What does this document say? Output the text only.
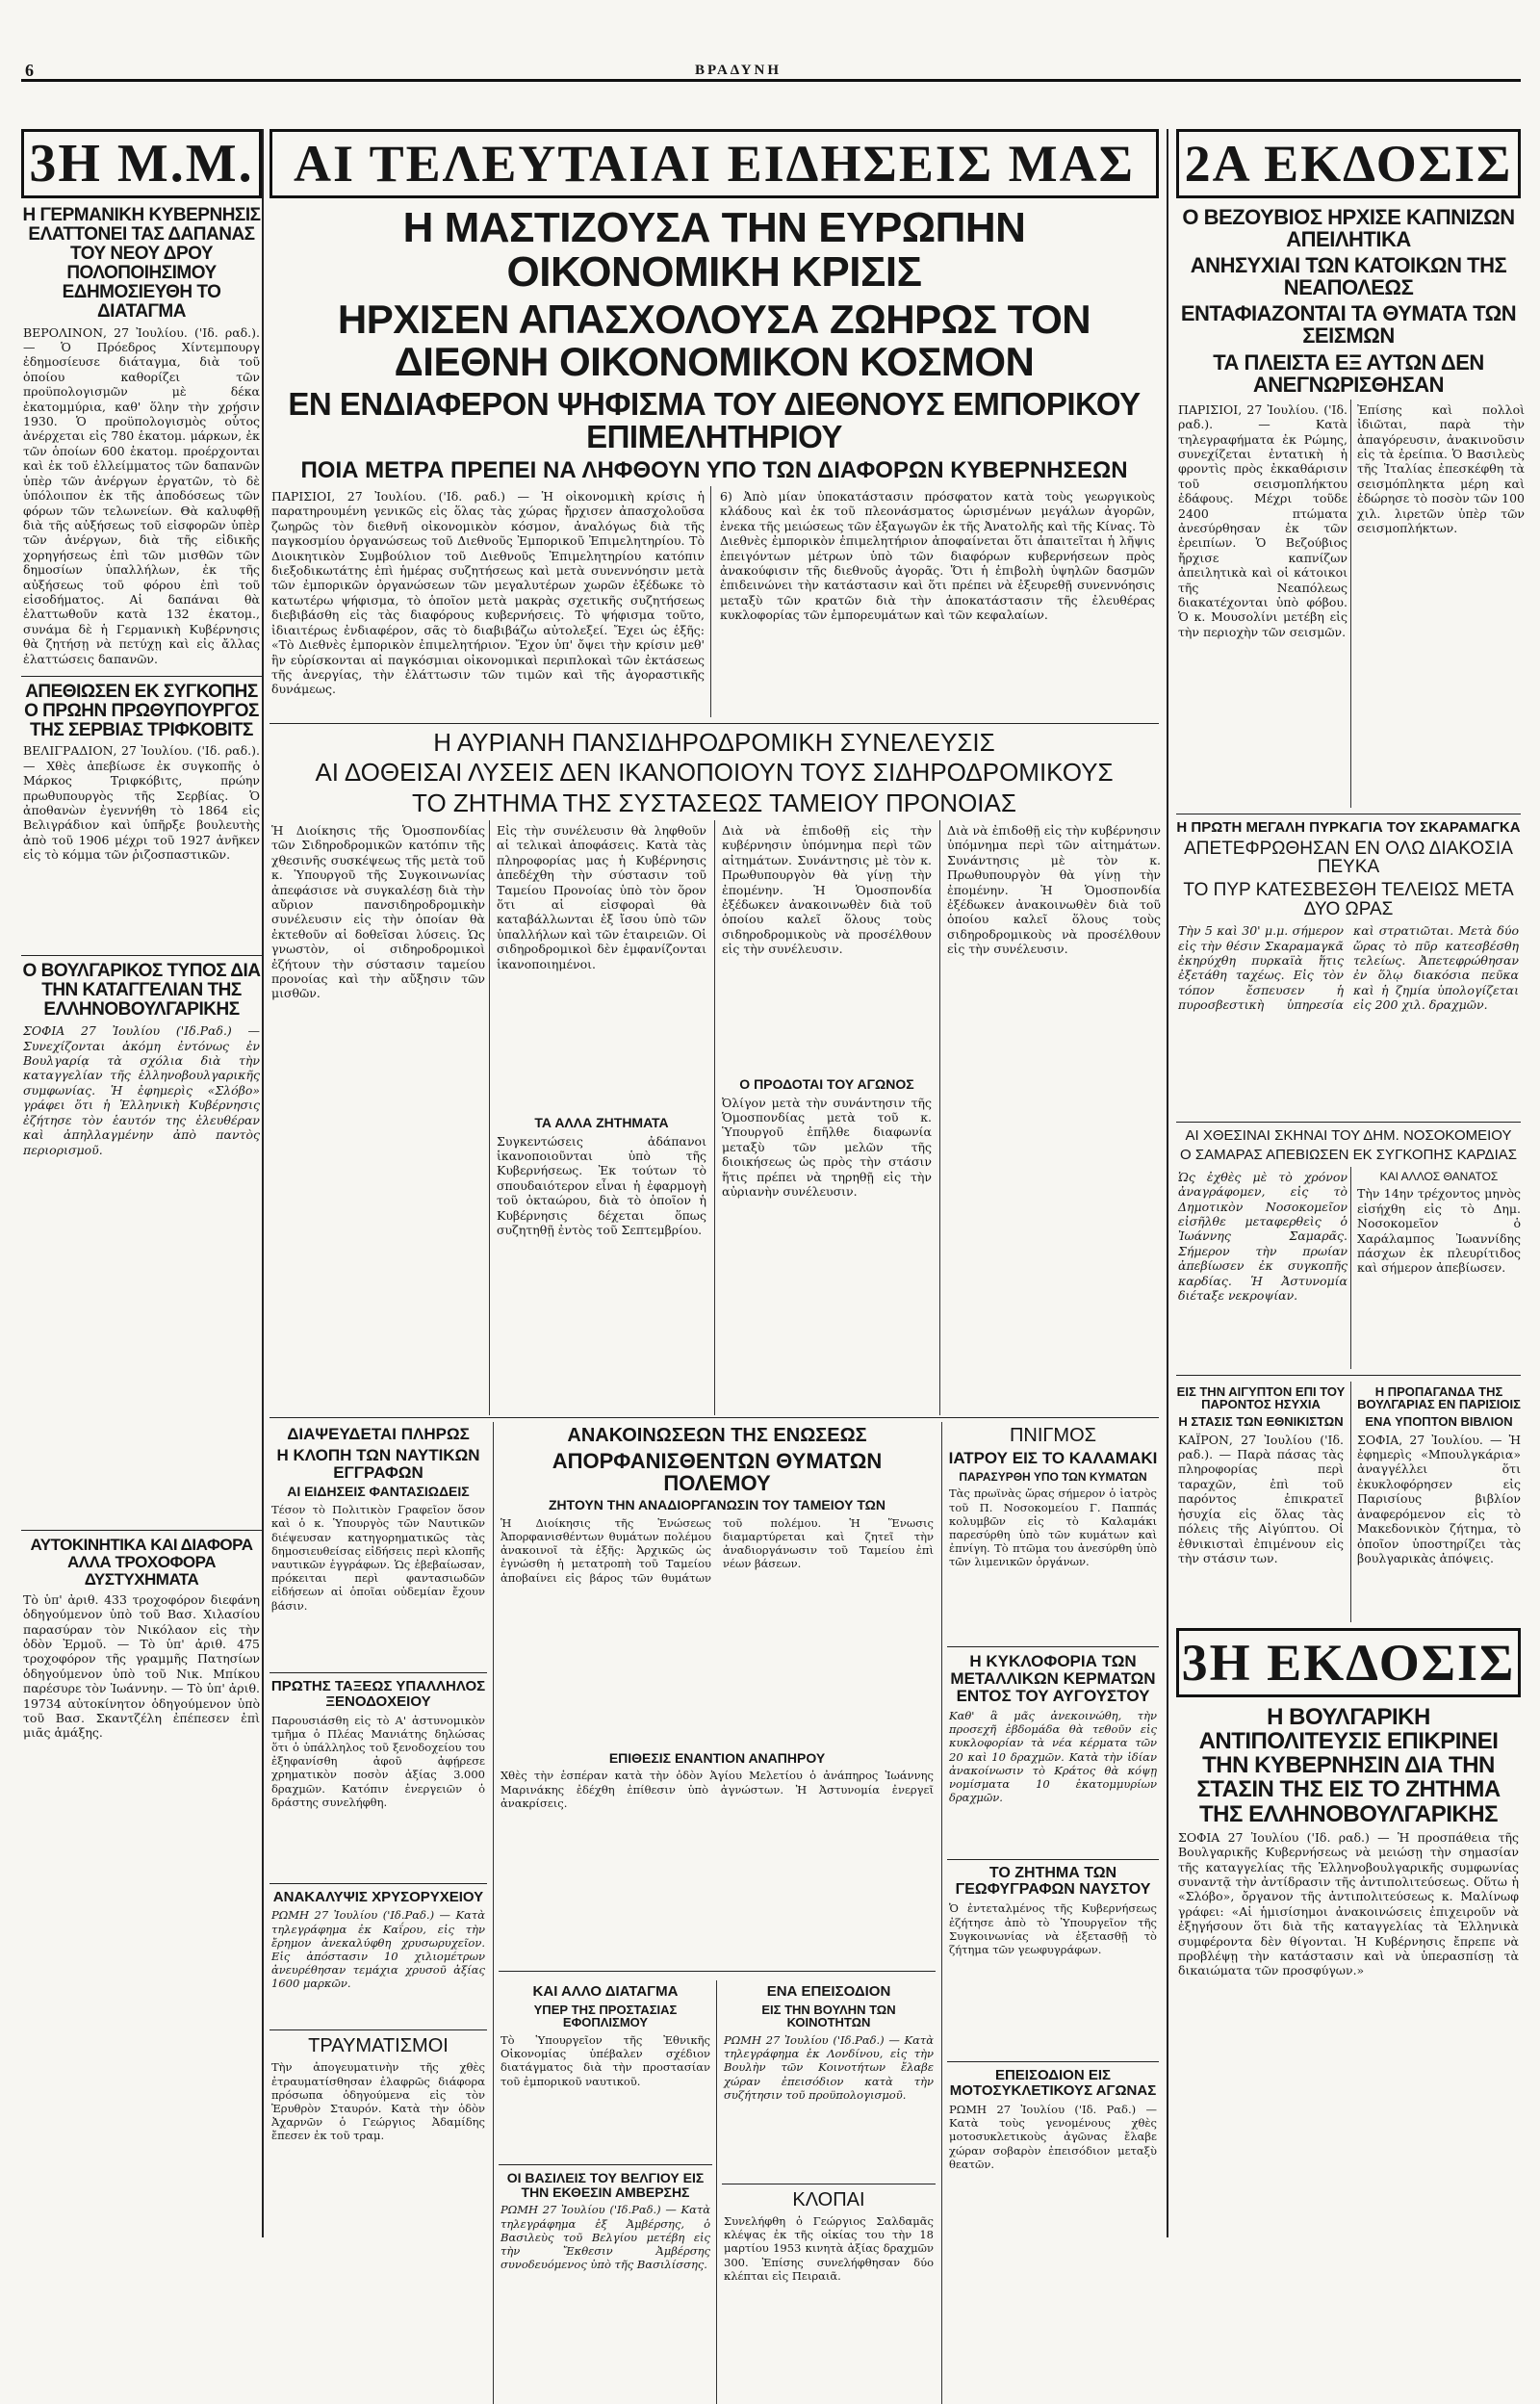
6	ΒΡΑΔΥΝΗ
3Η Μ.Μ.
Η ΓΕΡΜΑΝΙΚΗ ΚΥΒΕΡΝΗΣΙΣ ΕΛΑΤΤΟΝΕΙ ΤΑΣ ΔΑΠΑΝΑΣ ΤΟΥ ΝΕΟΥ ΔΡΟΥ ΠΟΛΟΠΟΙΗΣΙΜΟΥ ΕΔΗΜΟΣΙΕΥΘΗ ΤΟ ΔΙΑΤΑΓΜΑ
ΒΕΡΟΛΙΝΟΝ, 27 Ἰουλίου. ('Ιδ. ραδ.). — Ὁ Πρόεδρος Χίντεμπουργ ἐδημοσίευσε διάταγμα, διὰ τοῦ ὁποίου καθορίζει τῶν προϋπολογισμῶν μὲ δέκα ἐκατομμύρια, καθ' ὅλην τὴν χρήσιν 1930. Ὁ προϋπολογισμὸς οὗτος ἀνέρχεται εἰς 780 ἑκατομ. μάρκων, ἐκ τῶν ὁποίων 600 ἑκατομ. προέρχονται καὶ ἐκ τοῦ ἐλλείμματος τῶν δαπανῶν ὑπὲρ τῶν ἀνέργων ἐργατῶν, τὸ δὲ ὑπόλοιπον ἐκ τῆς ἀποδόσεως τῶν φόρων τῶν τελωνείων. Θὰ καλυφθῇ διὰ τῆς αὐξήσεως τοῦ εἰσφορῶν ὑπὲρ τῶν ἀνέργων, διὰ τῆς εἰδικῆς χορηγήσεως ἐπὶ τῶν μισθῶν τῶν δημοσίων ὑπαλλήλων, ἐκ τῆς αὐξήσεως τοῦ φόρου ἐπὶ τοῦ εἰσοδήματος. Αἱ δαπάναι θὰ ἐλαττωθοῦν κατὰ 132 ἑκατομ., συνάμα δὲ ἡ Γερμανικὴ Κυβέρνησις θὰ ζητήσῃ νὰ πετύχῃ καὶ εἰς ἄλλας ἐλαττώσεις δαπανῶν.
ΑΠΕΘΙΩΣΕΝ ΕΚ ΣΥΓΚΟΠΗΣ Ο ΠΡΩΗΝ ΠΡΩΘΥΠΟΥΡΓΟΣ ΤΗΣ ΣΕΡΒΙΑΣ ΤΡΙΦΚΟΒΙΤΣ
ΒΕΛΙΓΡΑΔΙΟΝ, 27 Ἰουλίου. ('Ιδ. ραδ.). — Χθὲς ἀπεβίωσε ἐκ συγκοπῆς ὁ Μάρκος Τριφκόβιτς, πρώην πρωθυπουργὸς τῆς Σερβίας. Ὁ ἀποθανὼν ἐγεννήθη τὸ 1864 εἰς Βελιγράδιον καὶ ὑπῆρξε βουλευτὴς ἀπὸ τοῦ 1906 μέχρι τοῦ 1927 ἀνῆκεν εἰς τὸ κόμμα τῶν ῥιζοσπαστικῶν.
Ο ΒΟΥΛΓΑΡΙΚΟΣ ΤΥΠΟΣ ΔΙΑ ΤΗΝ ΚΑΤΑΓΓΕΛΙΑΝ ΤΗΣ ΕΛΛΗΝΟΒΟΥΛΓΑΡΙΚΗΣ
ΣΟΦΙΑ 27 Ἰουλίου ('Ιδ.Ραδ.) — Συνεχίζονται ἀκόμη ἐντόνως ἐν Βουλγαρίᾳ τὰ σχόλια διὰ τὴν καταγγελίαν τῆς ἑλληνοβουλγαρικῆς συμφωνίας. Ἡ ἐφημερὶς «Σλόβο» γράφει ὅτι ἡ Ἑλληνικὴ Κυβέρνησις ἐζήτησε τὸν ἑαυτόν της ἐλευθέραν καὶ ἀπηλλαγμένην ἀπὸ παντὸς περιορισμοῦ.
ΑΥΤΟΚΙΝΗΤΙΚΑ ΚΑΙ ΔΙΑΦΟΡΑ ΑΛΛΑ ΤΡΟΧΟΦΟΡΑ ΔΥΣΤΥΧΗΜΑΤΑ
Τὸ ὑπ' ἀριθ. 433 τροχοφόρον διεφάνη ὁδηγούμενον ὑπὸ τοῦ Βασ. Χιλασίου παρασύραν τὸν Νικόλαον εἰς τὴν ὁδὸν Ἐρμοῦ. — Τὸ ὑπ' ἀριθ. 475 τροχοφόρον τῆς γραμμῆς Πατησίων ὁδηγούμενον ὑπὸ τοῦ Νικ. Μπίκου παρέσυρε τὸν Ἰωάννην. — Τὸ ὑπ' ἀριθ. 19734 αὐτοκίνητον ὁδηγούμενον ὑπὸ τοῦ Βασ. Σκαντζέλη ἐπέπεσεν ἐπὶ μιᾶς ἁμάξης.
ΑΙ ΤΕΛΕΥΤΑΙΑΙ ΕΙΔΗΣΕΙΣ ΜΑΣ
Η ΜΑΣΤΙΖΟΥΣΑ ΤΗΝ ΕΥΡΩΠΗΝ ΟΙΚΟΝΟΜΙΚΗ ΚΡΙΣΙΣ
ΗΡΧΙΣΕΝ ΑΠΑΣΧΟΛΟΥΣΑ ΖΩΗΡΩΣ ΤΟΝ ΔΙΕΘΝΗ ΟΙΚΟΝΟΜΙΚΟΝ ΚΟΣΜΟΝ
ΕΝ ΕΝΔΙΑΦΕΡΟΝ ΨΗΦΙΣΜΑ ΤΟΥ ΔΙΕΘΝΟΥΣ ΕΜΠΟΡΙΚΟΥ ΕΠΙΜΕΛΗΤΗΡΙΟΥ
ΠΟΙΑ ΜΕΤΡΑ ΠΡΕΠΕΙ ΝΑ ΛΗΦΘΟΥΝ ΥΠΟ ΤΩΝ ΔΙΑΦΟΡΩΝ ΚΥΒΕΡΝΗΣΕΩΝ
ΠΑΡΙΣΙΟΙ, 27 Ἰουλίου. ('Ιδ. ραδ.) — Ἡ οἰκονομικὴ κρίσις ἡ παρατηρουμένη γενικῶς εἰς ὅλας τὰς χώρας ἤρχισεν ἀπασχολοῦσα ζωηρῶς τὸν διεθνῆ οἰκονομικὸν κόσμον, ἀναλόγως διὰ τῆς παγκοσμίου ὀργανώσεως τοῦ Διεθνοῦς Ἐμπορικοῦ Ἐπιμελητηρίου. Τὸ Διοικητικὸν Συμβούλιον τοῦ Διεθνοῦς Ἐπιμελητηρίου κατόπιν διεξοδικωτάτης ἐπὶ ἡμέρας συζητήσεως καὶ μετὰ συνεννόησιν μετὰ τῶν ἐμπορικῶν ὀργανώσεων τῶν μεγαλυτέρων χωρῶν ἐξέδωκε τὸ κατωτέρω ψήφισμα, τὸ ὁποῖον μετὰ μακρὰς σχετικῆς συζητήσεως διεβιβάσθη εἰς τὰς διαφόρους κυβερνήσεις. Τὸ ψήφισμα τοῦτο, ἰδιαιτέρως ἐνδιαφέρον, σᾶς τὸ διαβιβάζω αὐτολεξεί. Ἔχει ὡς ἑξῆς: «Τὸ Διεθνὲς ἐμπορικὸν ἐπιμελητήριον. Ἔχον ὑπ' ὄψει τὴν κρίσιν μεθ' ἣν εὑρίσκονται αἱ παγκόσμιαι οἰκονομικαὶ περιπλοκαὶ τῶν ἐκτάσεως τῆς ἀνεργίας, τὴν ἐλάττωσιν τῶν τιμῶν καὶ τῆς ἀγοραστικῆς δυνάμεως.
6) Ἀπὸ μίαν ὑποκατάστασιν πρόσφατον κατὰ τοὺς γεωργικοὺς κλάδους καὶ ἐκ τοῦ πλεονάσματος ὡρισμένων μεγάλων ἀγορῶν, ἐνεκα τῆς μειώσεως τῶν ἐξαγωγῶν ἐκ τῆς Ἀνατολῆς καὶ τῆς Κίνας. Τὸ Διεθνὲς ἐμπορικὸν ἐπιμελητήριον ἀποφαίνεται ὅτι ἀπαιτεῖται ἡ λῆψις ἐπειγόντων μέτρων ὑπὸ τῶν διαφόρων κυβερνήσεων πρὸς ἀνακούφισιν τῆς διεθνοῦς ἀγορᾶς. Ὅτι ἡ ἐπιβολὴ ὑψηλῶν δασμῶν ἐπιδεινώνει τὴν κατάστασιν καὶ ὅτι πρέπει νὰ ἐξευρεθῇ συνεννόησις μεταξὺ τῶν κρατῶν διὰ τὴν ἀποκατάστασιν τῆς ἐλευθέρας κυκλοφορίας τῶν ἐμπορευμάτων καὶ τῶν κεφαλαίων.
Η ΑΥΡΙΑΝΗ ΠΑΝΣΙΔΗΡΟΔΡΟΜΙΚΗ ΣΥΝΕΛΕΥΣΙΣ
ΑΙ ΔΟΘΕΙΣΑΙ ΛΥΣΕΙΣ ΔΕΝ ΙΚΑΝΟΠΟΙΟΥΝ ΤΟΥΣ ΣΙΔΗΡΟΔΡΟΜΙΚΟΥΣ
ΤΟ ΖΗΤΗΜΑ ΤΗΣ ΣΥΣΤΑΣΕΩΣ ΤΑΜΕΙΟΥ ΠΡΟΝΟΙΑΣ
Ἡ Διοίκησις τῆς Ὁμοσπονδίας τῶν Σιδηροδρομικῶν κατόπιν τῆς χθεσινῆς συσκέψεως τῆς μετὰ τοῦ κ. Ὑπουργοῦ τῆς Συγκοινωνίας ἀπεφάσισε νὰ συγκαλέσῃ διὰ τὴν αὔριον πανσιδηροδρομικὴν συνέλευσιν εἰς τὴν ὁποίαν θὰ ἐκτεθοῦν αἱ δοθεῖσαι λύσεις. Ὡς γνωστὸν, οἱ σιδηροδρομικοὶ ἐζήτουν τὴν σύστασιν ταμείου προνοίας καὶ τὴν αὔξησιν τῶν μισθῶν.
Εἰς τὴν συνέλευσιν θὰ ληφθοῦν αἱ τελικαὶ ἀποφάσεις. Κατὰ τὰς πληροφορίας μας ἡ Κυβέρνησις ἀπεδέχθη τὴν σύστασιν τοῦ Ταμείου Προνοίας ὑπὸ τὸν ὅρον ὅτι αἱ εἰσφοραὶ θὰ καταβάλλωνται ἐξ ἴσου ὑπὸ τῶν ὑπαλλήλων καὶ τῶν ἑταιρειῶν. Οἱ σιδηροδρομικοὶ δὲν ἐμφανίζονται ἱκανοποιημένοι.
ΤΑ ΑΛΛΑ ΖΗΤΗΜΑΤΑ
Συγκεντώσεις ἀδάπανοι ἱκανοποιοῦνται ὑπὸ τῆς Κυβερνήσεως. Ἐκ τούτων τὸ σπουδαιότερον εἶναι ἡ ἐφαρμογὴ τοῦ ὀκταώρου, διὰ τὸ ὁποῖον ἡ Κυβέρνησις δέχεται ὅπως συζητηθῇ ἐντὸς τοῦ Σεπτεμβρίου.
Διὰ νὰ ἐπιδοθῇ εἰς τὴν κυβέρνησιν ὑπόμνημα περὶ τῶν αἰτημάτων. Συνάντησις μὲ τὸν κ. Πρωθυπουργὸν θὰ γίνῃ τὴν ἐπομένην. Ἡ Ὁμοσπονδία ἐξέδωκεν ἀνακοινωθὲν διὰ τοῦ ὁποίου καλεῖ ὅλους τοὺς σιδηροδρομικοὺς νὰ προσέλθουν εἰς τὴν συνέλευσιν.
Ο ΠΡΟΔΟΤΑΙ ΤΟΥ ΑΓΩΝΟΣ
Ὀλίγον μετὰ τὴν συνάντησιν τῆς Ὁμοσπονδίας μετὰ τοῦ κ. Ὑπουργοῦ ἐπῆλθε διαφωνία μεταξὺ τῶν μελῶν τῆς διοικήσεως ὡς πρὸς τὴν στάσιν ἥτις πρέπει νὰ τηρηθῇ εἰς τὴν αὐριανὴν συνέλευσιν.
Διὰ νὰ ἐπιδοθῇ εἰς τὴν κυβέρνησιν ὑπόμνημα περὶ τῶν αἰτημάτων. Συνάντησις μὲ τὸν κ. Πρωθυπουργὸν θὰ γίνῃ τὴν ἐπομένην. Ἡ Ὁμοσπονδία ἐξέδωκεν ἀνακοινωθὲν διὰ τοῦ ὁποίου καλεῖ ὅλους τοὺς σιδηροδρομικοὺς νὰ προσέλθουν εἰς τὴν συνέλευσιν.
ΔΙΑΨΕΥΔΕΤΑΙ ΠΛΗΡΩΣ
Η ΚΛΟΠΗ ΤΩΝ ΝΑΥΤΙΚΩΝ ΕΓΓΡΑΦΩΝ
ΑΙ ΕΙΔΗΣΕΙΣ ΦΑΝΤΑΣΙΩΔΕΙΣ
Τέσον τὸ Πολιτικὸν Γραφεῖον ὅσον καὶ ὁ κ. Ὑπουργὸς τῶν Ναυτικῶν διέψευσαν κατηγορηματικῶς τὰς δημοσιευθείσας εἰδήσεις περὶ κλοπῆς ναυτικῶν ἐγγράφων. Ὡς ἐβεβαίωσαν, πρόκειται περὶ φαντασιωδῶν εἰδήσεων αἱ ὁποῖαι οὐδεμίαν ἔχουν βάσιν.
ΠΡΩΤΗΣ ΤΑΞΕΩΣ ΥΠΑΛΛΗΛΟΣ ΞΕΝΟΔΟΧΕΙΟΥ
Παρουσιάσθη εἰς τὸ Α' ἀστυνομικὸν τμῆμα ὁ Πλέας Μανιάτης δηλώσας ὅτι ὁ ὑπάλληλος τοῦ ξενοδοχείου του ἐξηφανίσθη ἀφοῦ ἀφῄρεσε χρηματικὸν ποσὸν ἀξίας 3.000 δραχμῶν. Κατόπιν ἐνεργειῶν ὁ δράστης συνελήφθη.
ΑΝΑΚΑΛΥΨΙΣ ΧΡΥΣΟΡΥΧΕΙΟΥ
ΡΩΜΗ 27 Ἰουλίου ('Ιδ.Ραδ.) — Κατὰ τηλεγράφημα ἐκ Καΐρου, εἰς τὴν ἔρημον ἀνεκαλύφθη χρυσωρυχεῖον. Εἰς ἀπόστασιν 10 χιλιομέτρων ἀνευρέθησαν τεμάχια χρυσοῦ ἀξίας 1600 μαρκῶν.
ΤΡΑΥΜΑΤΙΣΜΟΙ
Τὴν ἀπογευματινὴν τῆς χθὲς ἐτραυματίσθησαν ἐλαφρῶς διάφορα πρόσωπα ὁδηγούμενα εἰς τὸν Ἐρυθρὸν Σταυρόν. Κατὰ τὴν ὁδὸν Ἀχαρνῶν ὁ Γεώργιος Ἀδαμίδης ἔπεσεν ἐκ τοῦ τραμ.
ΑΝΑΚΟΙΝΩΣΕΩΝ ΤΗΣ ΕΝΩΣΕΩΣ
ΑΠΟΡΦΑΝΙΣΘΕΝΤΩΝ ΘΥΜΑΤΩΝ ΠΟΛΕΜΟΥ
ΖΗΤΟΥΝ ΤΗΝ ΑΝΑΔΙΟΡΓΑΝΩΣΙΝ ΤΟΥ ΤΑΜΕΙΟΥ ΤΩΝ
Ἡ Διοίκησις τῆς Ἑνώσεως Ἀπορφανισθέντων θυμάτων πολέμου ἀνακοινοῖ τὰ ἑξῆς: Ἀρχικῶς ὡς ἐγνώσθη ἡ μετατροπὴ τοῦ Ταμείου ἀποβαίνει εἰς βάρος τῶν θυμάτων τοῦ πολέμου. Ἡ Ἕνωσις διαμαρτύρεται καὶ ζητεῖ τὴν ἀναδιοργάνωσιν τοῦ Ταμείου ἐπὶ νέων βάσεων.
ΕΠΙΘΕΣΙΣ ΕΝΑΝΤΙΟΝ ΑΝΑΠΗΡΟΥ
Χθὲς τὴν ἑσπέραν κατὰ τὴν ὁδὸν Ἀγίου Μελετίου ὁ ἀνάπηρος Ἰωάννης Μαρινάκης ἐδέχθη ἐπίθεσιν ὑπὸ ἀγνώστων. Ἡ Ἀστυνομία ἐνεργεῖ ἀνακρίσεις.
ΠΝΙΓΜΟΣ
ΙΑΤΡΟΥ ΕΙΣ ΤΟ ΚΑΛΑΜΑΚΙ
ΠΑΡΑΣΥΡΘΗ ΥΠΟ ΤΩΝ ΚΥΜΑΤΩΝ
Τὰς πρωϊνὰς ὥρας σήμερον ὁ ἰατρὸς τοῦ Π. Νοσοκομείου Γ. Παππάς κολυμβῶν εἰς τὸ Καλαμάκι παρεσύρθη ὑπὸ τῶν κυμάτων καὶ ἐπνίγη. Τὸ πτῶμα του ἀνεσύρθη ὑπὸ τῶν λιμενικῶν ὀργάνων.
Η ΚΥΚΛΟΦΟΡΙΑ ΤΩΝ ΜΕΤΑΛΛΙΚΩΝ ΚΕΡΜΑΤΩΝ ΕΝΤΟΣ ΤΟΥ ΑΥΓΟΥΣΤΟΥ
Καθ' ἃ μᾶς ἀνεκοινώθη, τὴν προσεχῆ ἐβδομάδα θὰ τεθοῦν εἰς κυκλοφορίαν τὰ νέα κέρματα τῶν 20 καὶ 10 δραχμῶν. Κατὰ τὴν ἰδίαν ἀνακοίνωσιν τὸ Κράτος θὰ κόψῃ νομίσματα 10 ἑκατομμυρίων δραχμῶν.
ΤΟ ΖΗΤΗΜΑ ΤΩΝ ΓΕΩΦΥΓΡΑΦΩΝ ΝΑΥΣΤΟΥ
Ὁ ἐντεταλμένος τῆς Κυβερνήσεως ἐζήτησε ἀπὸ τὸ Ὑπουργεῖον τῆς Συγκοινωνίας νὰ ἐξετασθῇ τὸ ζήτημα τῶν γεωφυγράφων.
ΕΠΕΙΣΟΔΙΟΝ ΕΙΣ ΜΟΤΟΣΥΚΛΕΤΙΚΟΥΣ ΑΓΩΝΑΣ
ΡΩΜΗ 27 Ἰουλίου ('Ιδ. Ραδ.) — Κατὰ τοὺς γενομένους χθὲς μοτοσυκλετικοὺς ἀγῶνας ἔλαβε χώραν σοβαρὸν ἐπεισόδιον μεταξὺ θεατῶν.
ΚΑΙ ΑΛΛΟ ΔΙΑΤΑΓΜΑ
ΥΠΕΡ ΤΗΣ ΠΡΟΣΤΑΣΙΑΣ ΕΦΟΠΛΙΣΜΟΥ
Τὸ Ὑπουργεῖον τῆς Ἐθνικῆς Οἰκονομίας ὑπέβαλεν σχέδιον διατάγματος διὰ τὴν προστασίαν τοῦ ἐμπορικοῦ ναυτικοῦ.
ΟΙ ΒΑΣΙΛΕΙΣ ΤΟΥ ΒΕΛΓΙΟΥ ΕΙΣ ΤΗΝ ΕΚΘΕΣΙΝ ΑΜΒΕΡΣΗΣ
ΡΩΜΗ 27 Ἰουλίου ('Ιδ.Ραδ.) — Κατὰ τηλεγράφημα ἐξ Ἀμβέρσης, ὁ Βασιλεὺς τοῦ Βελγίου μετέβη εἰς τὴν Ἔκθεσιν Ἀμβέρσης συνοδευόμενος ὑπὸ τῆς Βασιλίσσης.
ΕΝΑ ΕΠΕΙΣΟΔΙΟΝ
ΕΙΣ ΤΗΝ ΒΟΥΛΗΝ ΤΩΝ ΚΟΙΝΟΤΗΤΩΝ
ΡΩΜΗ 27 Ἰουλίου ('Ιδ.Ραδ.) — Κατὰ τηλεγράφημα ἐκ Λονδίνου, εἰς τὴν Βουλὴν τῶν Κοινοτήτων ἔλαβε χώραν ἐπεισόδιον κατὰ τὴν συζήτησιν τοῦ προϋπολογισμοῦ.
ΚΛΟΠΑΙ
Συνελήφθη ὁ Γεώργιος Σαλδαμᾶς κλέψας ἐκ τῆς οἰκίας του τὴν 18 μαρτίου 1953 κινητὰ ἀξίας δραχμῶν 300. Ἐπίσης συνελήφθησαν δύο κλέπται εἰς Πειραιᾶ.
2Α ΕΚΔΟΣΙΣ
Ο ΒΕΖΟΥΒΙΟΣ ΗΡΧΙΣΕ ΚΑΠΝΙΖΩΝ ΑΠΕΙΛΗΤΙΚΑ
ΑΝΗΣΥΧΙΑΙ ΤΩΝ ΚΑΤΟΙΚΩΝ ΤΗΣ ΝΕΑΠΟΛΕΩΣ
ΕΝΤΑΦΙΑΖΟΝΤΑΙ ΤΑ ΘΥΜΑΤΑ ΤΩΝ ΣΕΙΣΜΩΝ
ΤΑ ΠΛΕΙΣΤΑ ΕΞ ΑΥΤΩΝ ΔΕΝ ΑΝΕΓΝΩΡΙΣΘΗΣΑΝ
ΠΑΡΙΣΙΟΙ, 27 Ἰουλίου. ('Ιδ. ραδ.). — Κατὰ τηλεγραφήματα ἐκ Ρώμης, συνεχίζεται ἐντατικὴ ἡ φροντὶς πρὸς ἐκκαθάρισιν τοῦ σεισμοπλήκτου ἐδάφους. Μέχρι τοῦδε 2400 πτώματα ἀνεσύρθησαν ἐκ τῶν ἐρειπίων. Ὁ Βεζούβιος ἤρχισε καπνίζων ἀπειλητικὰ καὶ οἱ κάτοικοι τῆς Νεαπόλεως διακατέχονται ὑπὸ φόβου. Ὁ κ. Μουσολίνι μετέβη εἰς τὴν περιοχὴν τῶν σεισμῶν.
Ἐπίσης καὶ πολλοὶ ἰδιῶται, παρὰ τὴν ἀπαγόρευσιν, ἀνακινοῦσιν εἰς τὰ ἐρείπια. Ὁ Βασιλεὺς τῆς Ἰταλίας ἐπεσκέφθη τὰ σεισμόπληκτα μέρη καὶ ἐδώρησε τὸ ποσὸν τῶν 100 χιλ. λιρετῶν ὑπὲρ τῶν σεισμοπλήκτων.
Η ΠΡΩΤΗ ΜΕΓΑΛΗ ΠΥΡΚΑΓΙΑ ΤΟΥ ΣΚΑΡΑΜΑΓΚΑ
ΑΠΕΤΕΦΡΩΘΗΣΑΝ ΕΝ ΟΛΩ ΔΙΑΚΟΣΙΑ ΠΕΥΚΑ
ΤΟ ΠΥΡ ΚΑΤΕΣΒΕΣΘΗ ΤΕΛΕΙΩΣ ΜΕΤΑ ΔΥΟ ΩΡΑΣ
Τὴν 5 καὶ 30' μ.μ. σήμερον εἰς τὴν θέσιν Σκαραμαγκᾶ ἐκηρύχθη πυρκαϊὰ ἥτις ἐξετάθη ταχέως. Εἰς τὸν τόπον ἔσπευσεν ἡ πυροσβεστικὴ ὑπηρεσία καὶ στρατιῶται. Μετὰ δύο ὥρας τὸ πῦρ κατεσβέσθη τελείως. Ἀπετεφρώθησαν ἐν ὅλῳ διακόσια πεῦκα καὶ ἡ ζημία ὑπολογίζεται εἰς 200 χιλ. δραχμῶν.
ΑΙ ΧΘΕΣΙΝΑΙ ΣΚΗΝΑΙ ΤΟΥ ΔΗΜ. ΝΟΣΟΚΟΜΕΙΟΥ
Ο ΣΑΜΑΡΑΣ ΑΠΕΒΙΩΣΕΝ ΕΚ ΣΥΓΚΟΠΗΣ ΚΑΡΔΙΑΣ
Ὡς ἐχθὲς μὲ τὸ χρόνον ἀναγράφομεν, εἰς τὸ Δημοτικὸν Νοσοκομεῖον εἰσῆλθε μεταφερθεὶς ὁ Ἰωάννης Σαμαρᾶς. Σήμερον τὴν πρωίαν ἀπεβίωσεν ἐκ συγκοπῆς καρδίας. Ἡ Ἀστυνομία διέταξε νεκροψίαν.
ΚΑΙ ΑΛΛΟΣ ΘΑΝΑΤΟΣ
Τὴν 14ην τρέχοντος μηνὸς εἰσήχθη εἰς τὸ Δημ. Νοσοκομεῖον ὁ Χαράλαμπος Ἰωαννίδης πάσχων ἐκ πλευρίτιδος καὶ σήμερον ἀπεβίωσεν.
ΕΙΣ ΤΗΝ ΑΙΓΥΠΤΟΝ ΕΠΙ ΤΟΥ ΠΑΡΟΝΤΟΣ ΗΣΥΧΙΑ
Η ΣΤΑΣΙΣ ΤΩΝ ΕΘΝΙΚΙΣΤΩΝ
ΚΑΪΡΟΝ, 27 Ἰουλίου ('Ιδ. ραδ.). — Παρὰ πάσας τὰς πληροφορίας περὶ ταραχῶν, ἐπὶ τοῦ παρόντος ἐπικρατεῖ ἡσυχία εἰς ὅλας τὰς πόλεις τῆς Αἰγύπτου. Οἱ ἐθνικισταὶ ἐπιμένουν εἰς τὴν στάσιν των.
Η ΠΡΟΠΑΓΑΝΔΑ ΤΗΣ ΒΟΥΛΓΑΡΙΑΣ ΕΝ ΠΑΡΙΣΙΟΙΣ
ΕΝΑ ΥΠΟΠΤΟΝ ΒΙΒΛΙΟΝ
ΣΟΦΙΑ, 27 Ἰουλίου. — Ἡ ἐφημερὶς «Μπουλγκάρια» ἀναγγέλλει ὅτι ἐκυκλοφόρησεν εἰς Παρισίους βιβλίον ἀναφερόμενον εἰς τὸ Μακεδονικὸν ζήτημα, τὸ ὁποῖον ὑποστηρίζει τὰς βουλγαρικὰς ἀπόψεις.
3Η ΕΚΔΟΣΙΣ
Η ΒΟΥΛΓΑΡΙΚΗ ΑΝΤΙΠΟΛΙΤΕΥΣΙΣ ΕΠΙΚΡΙΝΕΙ ΤΗΝ ΚΥΒΕΡΝΗΣΙΝ ΔΙΑ ΤΗΝ ΣΤΑΣΙΝ ΤΗΣ ΕΙΣ ΤΟ ΖΗΤΗΜΑ ΤΗΣ ΕΛΛΗΝΟΒΟΥΛΓΑΡΙΚΗΣ
ΣΟΦΙΑ 27 Ἰουλίου ('Ιδ. ραδ.) — Ἡ προσπάθεια τῆς Βουλγαρικῆς Κυβερνήσεως νὰ μειώσῃ τὴν σημασίαν τῆς καταγγελίας τῆς Ἑλληνοβουλγαρικῆς συμφωνίας συναντᾷ τὴν ἀντίδρασιν τῆς ἀντιπολιτεύσεως. Οὕτω ἡ «Σλόβο», ὄργανον τῆς ἀντιπολιτεύσεως κ. Μαλίνωφ γράφει: «Αἱ ἡμισίσημοι ἀνακοινώσεις ἐπιχειροῦν νὰ ἐξηγήσουν ὅτι διὰ τῆς καταγγελίας τὰ Ἑλληνικὰ συμφέροντα δὲν θίγονται. Ἡ Κυβέρνησις ἔπρεπε νὰ προβλέψῃ τὴν κατάστασιν καὶ νὰ ὑπερασπίσῃ τὰ δικαιώματα τῶν προσφύγων.»
